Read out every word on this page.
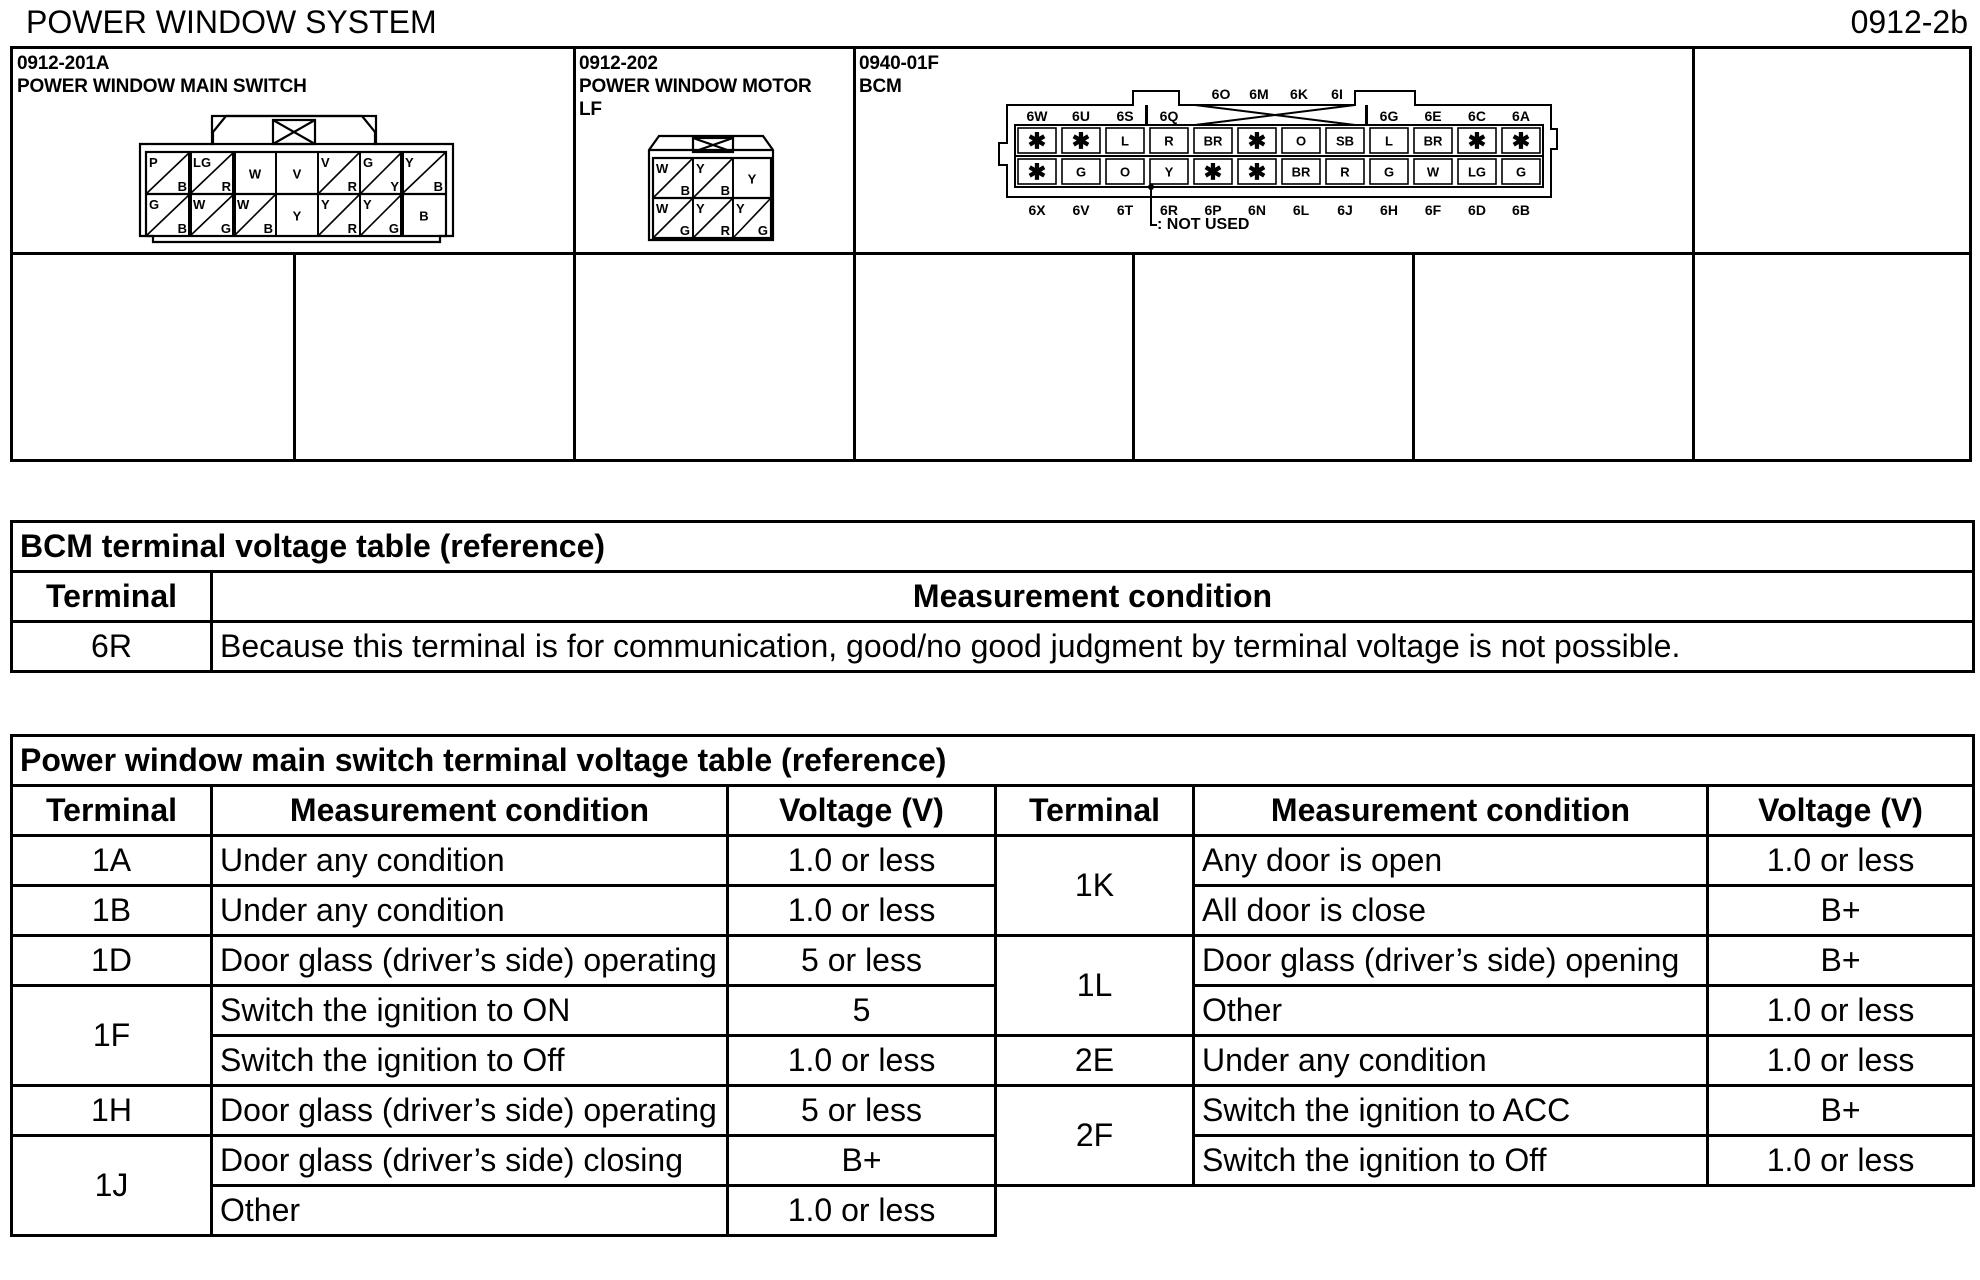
POWER WINDOW SYSTEM	0912-2b
0912-201A
POWER WINDOW MAIN SWITCH
0912-202
POWER WINDOW MOTOR
LF
0940-01F
BCM
P
B
LG
R
W V
V
R
G
Y
Y
B
G
B
W
G
W
B
Y
Y
R
Y
G
B
W
B
Y
B
Y
W
G
Y
R
Y
G
6O 6M 6K 6I
6W 6U 6S 6Q	6G 6E 6C 6A
✱ ✱ L	R BR ✱ O SB L BR ✱ ✱
✱ G	O	Y ✱ ✱ BR R	G	W LG G
6X 6V 6T 6R 6P 6N 6L 6J 6H 6F 6D 6B
: NOT USED
BCM terminal voltage table (reference)	
Terminal	Measurement condition
6R	Because this terminal is for communication, good/no good judgment by terminal voltage is not possible.
Power window main switch terminal voltage table (reference)					
Terminal	Measurement condition	Voltage (V)	Terminal	Measurement condition	Voltage (V)
1A	Under any condition	1.0 or less	1K	Any door is open	1.0 or less
1B	Under any condition	1.0 or less		All door is close	B+
1D	Door glass (driver’s side) operating	5 or less	1L	Door glass (driver’s side) opening	B+
1F	Switch the ignition to ON	5		Other	1.0 or less
	Switch the ignition to Off	1.0 or less	2E	Under any condition	1.0 or less
1H	Door glass (driver’s side) operating	5 or less	2F	Switch the ignition to ACC	B+
1J	Door glass (driver’s side) closing	B+		Switch the ignition to Off	1.0 or less
	Other	1.0 or less			
